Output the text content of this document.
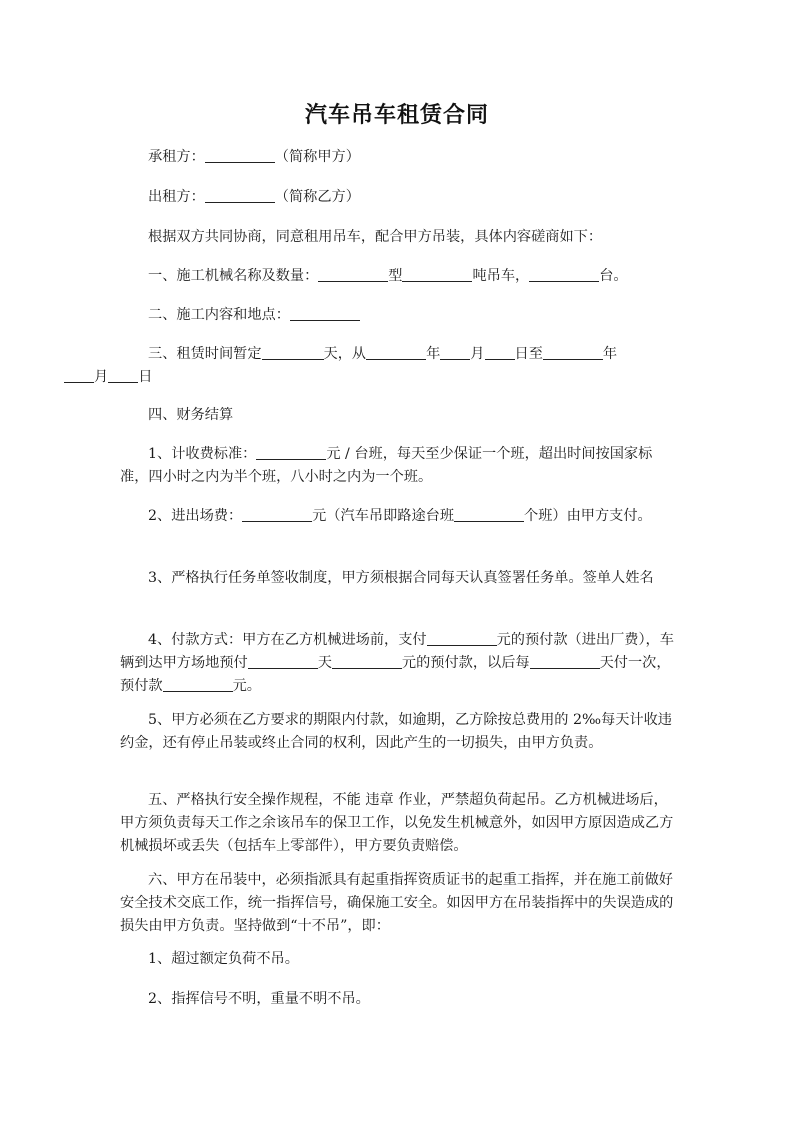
汽车吊车租赁合同
承租方：	（简称甲方）
出租方：	（简称乙方）
根据双方共同协商，同意租用吊车，配合甲方吊装，具体内容磋商如下：
一、施工机械名称及数量：	型	吨吊车，	台。
二、施工内容和地点：
三、租赁时间暂定	天，从	年 月 日至	年
月 日
四、财务结算
1、计收费标准：	元 / 台班，每天至少保证一个班，超出时间按国家标准，四小时之内为半个班，八小时之内为一个班。
2、进出场费：	元（汽车吊即路途台班	个班）由甲方支付。
3、严格执行任务单签收制度，甲方须根据合同每天认真签署任务单。签单人姓名
4、付款方式：甲方在乙方机械进场前，支付	元的预付款（进出厂费），车辆到达甲方场地预付	天	元的预付款，以后每	天付一次，预付款	元。
5、甲方必须在乙方要求的期限内付款，如逾期，乙方除按总费用的 2‰每天计收违约金，还有停止吊装或终止合同的权利，因此产生的一切损失，由甲方负责。
五、严格执行安全操作规程，不能 违章 作业，严禁超负荷起吊。乙方机械进场后，甲方须负责每天工作之余该吊车的保卫工作，以免发生机械意外，如因甲方原因造成乙方机械损坏或丢失（包括车上零部件），甲方要负责赔偿。
六、甲方在吊装中，必须指派具有起重指挥资质证书的起重工指挥，并在施工前做好安全技术交底工作，统一指挥信号，确保施工安全。如因甲方在吊装指挥中的失误造成的损失由甲方负责。坚持做到“十不吊”，即：
1、超过额定负荷不吊。
2、指挥信号不明，重量不明不吊。
